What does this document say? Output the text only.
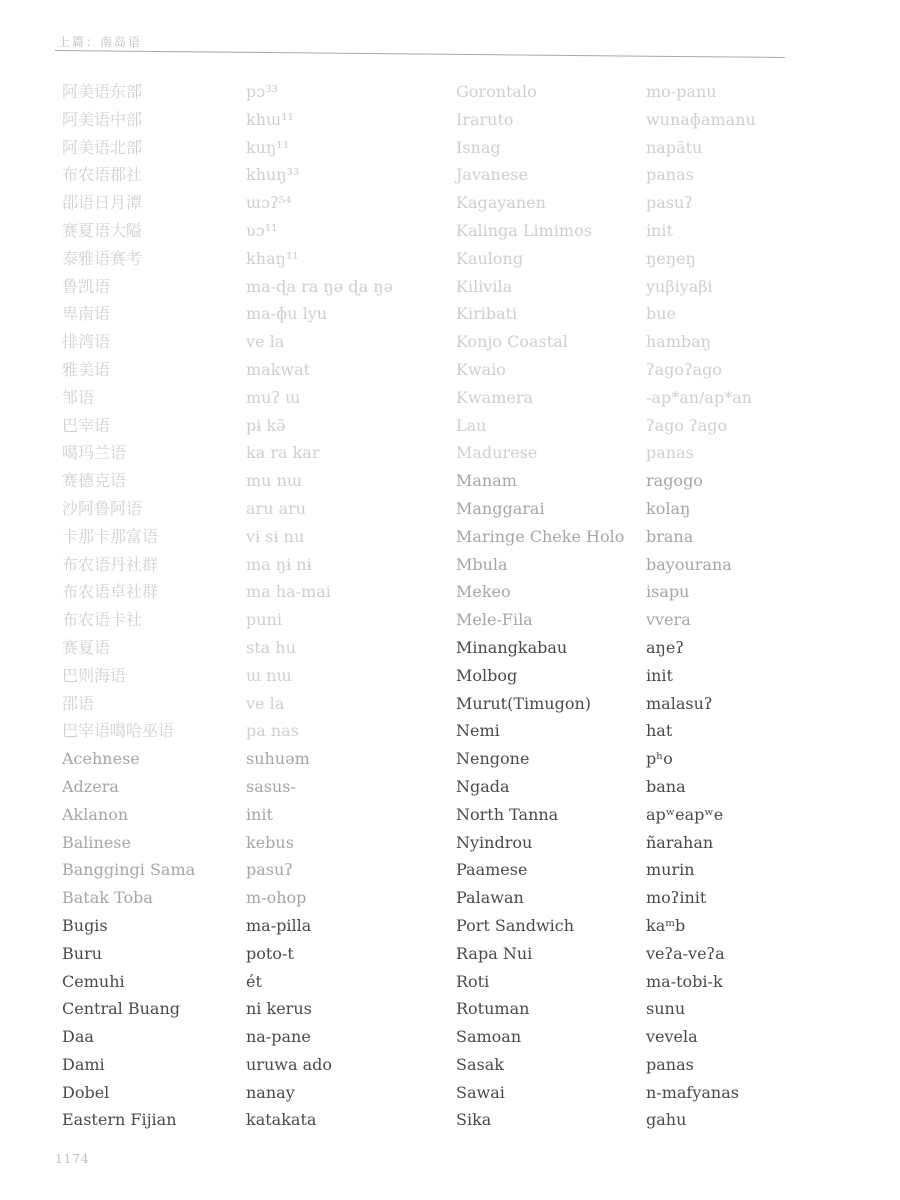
上篇：南岛语
阿美语东部
阿美语中部
阿美语北部
布农语郡社
邵语日月潭
赛夏语大隘
泰雅语赛考
鲁凯语
卑南语
排湾语
雅美语
邹语
巴宰语
噶玛兰语
赛德克语
沙阿鲁阿语
卡那卡那富语
布农语丹社群
布农语卓社群
布农语卡社
赛夏语
巴则海语
邵语
巴宰语噶哈巫语
Acehnese
Adzera
Aklanon
Balinese
Banggingi Sama
Batak Toba
Bugis
Buru
Cemuhi
Central Buang
Daa
Dami
Dobel
Eastern Fijian
pɔ³³
khɯ¹¹
kuŋ¹¹
khuŋ³³
ɯɔʔ⁵⁴
ʋɔ¹¹
khaŋ¹¹
ma-ɖa ra ŋə ɖa ŋə
ma-ɸu lyu
ve la
makwat
muʔ ɯ
pɨ kə̃
ka ra kar
mu nɯ
aru aru
vɨ sɨ nu
ma ŋɨ nɨ
ma ha-mai
puni
sta hu
ɯ nɯ
ve la
pa nas
suhuəm
sasus-
init
kebus
pasuʔ
m-ohop
ma-pilla
poto-t
ét
ni kerus
na-pane
uruwa ado
nanay
katakata
Gorontalo
Iraruto
Isnag
Javanese
Kagayanen
Kalinga Limimos
Kaulong
Kilivila
Kiribati
Konjo Coastal
Kwaio
Kwamera
Lau
Madurese
Manam
Manggarai
Maringe Cheke Holo
Mbula
Mekeo
Mele-Fila
Minangkabau
Molbog
Murut(Timugon)
Nemi
Nengone
Ngada
North Tanna
Nyindrou
Paamese
Palawan
Port Sandwich
Rapa Nui
Roti
Rotuman
Samoan
Sasak
Sawai
Sika
mo-panu
wunaɸamanu
napātu
panas
pasuʔ
init
ŋeŋeŋ
yuβiyaβi
bue
hambaŋ
ʔagoʔago
-ap*an/ap*an
ʔago ʔago
panas
ragogo
kolaŋ
brana
bayourana
isapu
vvera
aŋeʔ
init
malasuʔ
hat
pʰo
bana
apʷeapʷe
ñarahan
murin
moʔinit
kaᵐb
veʔa-veʔa
ma-tobi-k
sunu
vevela
panas
n-mafyanas
gahu
1174
